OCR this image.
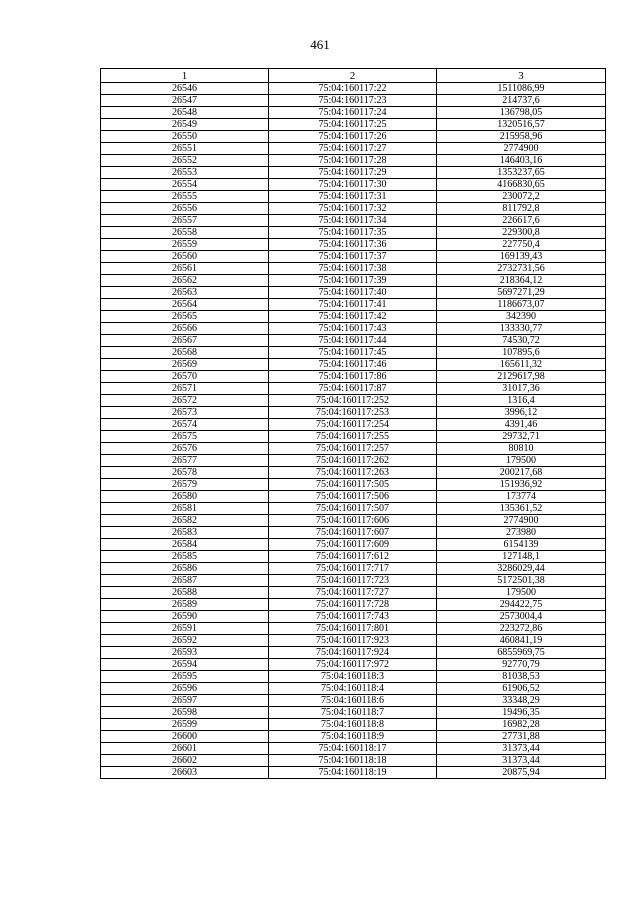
461
1	2	3
26546	75:04:160117:22	1511086,99
26547	75:04:160117:23	214737,6
26548	75:04:160117:24	136798,05
26549	75:04:160117:25	1320516,57
26550	75:04:160117:26	215958,96
26551	75:04:160117:27	2774900
26552	75:04:160117:28	146403,16
26553	75:04:160117:29	1353237,65
26554	75:04:160117:30	4166830,65
26555	75:04:160117:31	230072,2
26556	75:04:160117:32	811792,8
26557	75:04:160117:34	226617,6
26558	75:04:160117:35	229300,8
26559	75:04:160117:36	227750,4
26560	75:04:160117:37	169139,43
26561	75:04:160117:38	2732731,56
26562	75:04:160117:39	218364,12
26563	75:04:160117:40	5697271,29
26564	75:04:160117:41	1186673,07
26565	75:04:160117:42	342390
26566	75:04:160117:43	133330,77
26567	75:04:160117:44	74530,72
26568	75:04:160117:45	107895,6
26569	75:04:160117:46	165611,32
26570	75:04:160117:86	2129617,98
26571	75:04:160117:87	31017,36
26572	75:04:160117:252	1316,4
26573	75:04:160117:253	3996,12
26574	75:04:160117:254	4391,46
26575	75:04:160117:255	29732,71
26576	75:04:160117:257	80810
26577	75:04:160117:262	179500
26578	75:04:160117:263	200217,68
26579	75:04:160117:505	151936,92
26580	75:04:160117:506	173774
26581	75:04:160117:507	135361,52
26582	75:04:160117:606	2774900
26583	75:04:160117:607	273980
26584	75:04:160117:609	6154139
26585	75:04:160117:612	127148,1
26586	75:04:160117:717	3286029,44
26587	75:04:160117:723	5172501,38
26588	75:04:160117:727	179500
26589	75:04:160117:728	294422,75
26590	75:04:160117:743	2573004,4
26591	75:04:160117:801	223272,86
26592	75:04:160117:923	460841,19
26593	75:04:160117:924	6855969,75
26594	75:04:160117:972	92770,79
26595	75:04:160118:3	81038,53
26596	75:04:160118:4	61906,52
26597	75:04:160118:6	33348,29
26598	75:04:160118:7	19496,35
26599	75:04:160118:8	16982,28
26600	75:04:160118:9	27731,88
26601	75:04:160118:17	31373,44
26602	75:04:160118:18	31373,44
26603	75:04:160118:19	20875,94
